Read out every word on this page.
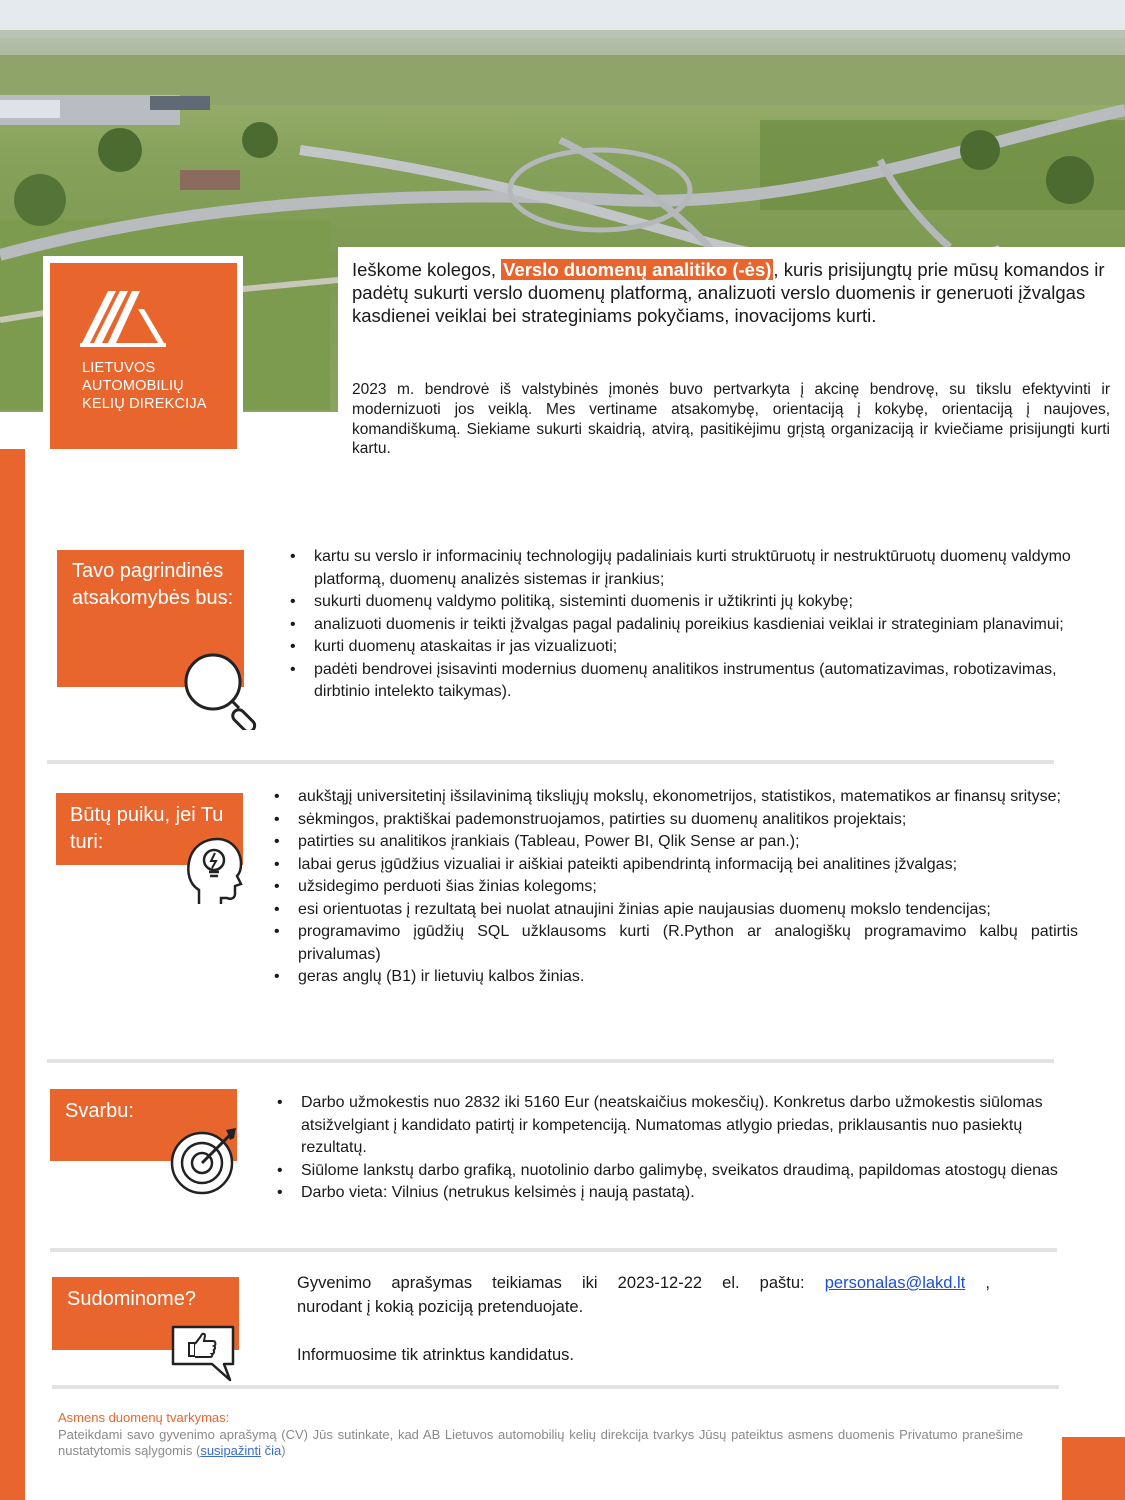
LIETUVOS
AUTOMOBILIŲ
KELIŲ DIREKCIJA
Ieškome kolegos, Verslo duomenų analitiko (-ės) , kuris prisijungtų prie mūsų komandos ir padėtų sukurti verslo duomenų platformą, analizuoti verslo duomenis ir generuoti įžvalgas kasdienei veiklai bei strateginiams pokyčiams, inovacijoms kurti.
2023 m. bendrovė iš valstybinės įmonės buvo pertvarkyta į akcinę bendrovę, su tikslu efektyvinti ir modernizuoti jos veiklą. Mes vertiname atsakomybę, orientaciją į kokybę, orientaciją į naujoves, komandiškumą. Siekiame sukurti skaidrią, atvirą, pasitikėjimu grįstą organizaciją ir kviečiame prisijungti kurti kartu.
Tavo pagrindinės atsakomybės bus:
• kartu su verslo ir informacinių technologijų padaliniais kurti struktūruotų ir nestruktūruotų duomenų valdymo platformą, duomenų analizės sistemas ir įrankius;
• sukurti duomenų valdymo politiką, sisteminti duomenis ir užtikrinti jų kokybę;
• analizuoti duomenis ir teikti įžvalgas pagal padalinių poreikius kasdieniai veiklai ir strateginiam planavimui;
• kurti duomenų ataskaitas ir jas vizualizuoti;
• padėti bendrovei įsisavinti modernius duomenų analitikos instrumentus (automatizavimas, robotizavimas, dirbtinio intelekto taikymas).
Būtų puiku, jei Tu turi:
• aukštąjį universitetinį išsilavinimą tiksliųjų mokslų, ekonometrijos, statistikos, matematikos ar finansų srityse;
• sėkmingos, praktiškai pademonstruojamos, patirties su duomenų analitikos projektais;
• patirties su analitikos įrankiais (Tableau, Power BI, Qlik Sense ar pan.);
• labai gerus įgūdžius vizualiai ir aiškiai pateikti apibendrintą informaciją bei analitines įžvalgas;
• užsidegimo perduoti šias žinias kolegoms;
• esi orientuotas į rezultatą bei nuolat atnaujini žinias apie naujausias duomenų mokslo tendencijas;
• programavimo įgūdžių SQL užklausoms kurti (R.Python ar analogiškų programavimo kalbų patirtis privalumas)
• geras anglų (B1) ir lietuvių kalbos žinias.
Svarbu:
•	Darbo užmokestis nuo 2832 iki 5160 Eur (neatskaičius mokesčių). Konkretus darbo užmokestis siūlomas atsižvelgiant į kandidato patirtį ir kompetenciją. Numatomas atlygio priedas, priklausantis nuo pasiektų rezultatų.
• Siūlome lankstų darbo grafiką, nuotolinio darbo galimybę, sveikatos draudimą, papildomas atostogų dienas
• Darbo vieta: Vilnius (netrukus kelsimės į naują pastatą).
Sudominome?
Gyvenimo aprašymas teikiamas iki 2023-12-22 el. paštu: personalas@lakd.lt ,
nurodant į kokią poziciją pretenduojate.
Informuosime tik atrinktus kandidatus.
Asmens duomenų tvarkymas:
Pateikdami savo gyvenimo aprašymą (CV) Jūs sutinkate, kad AB Lietuvos automobilių kelių direkcija tvarkys Jūsų pateiktus asmens duomenis Privatumo pranešime nustatytomis sąlygomis (susipažinti čia)
